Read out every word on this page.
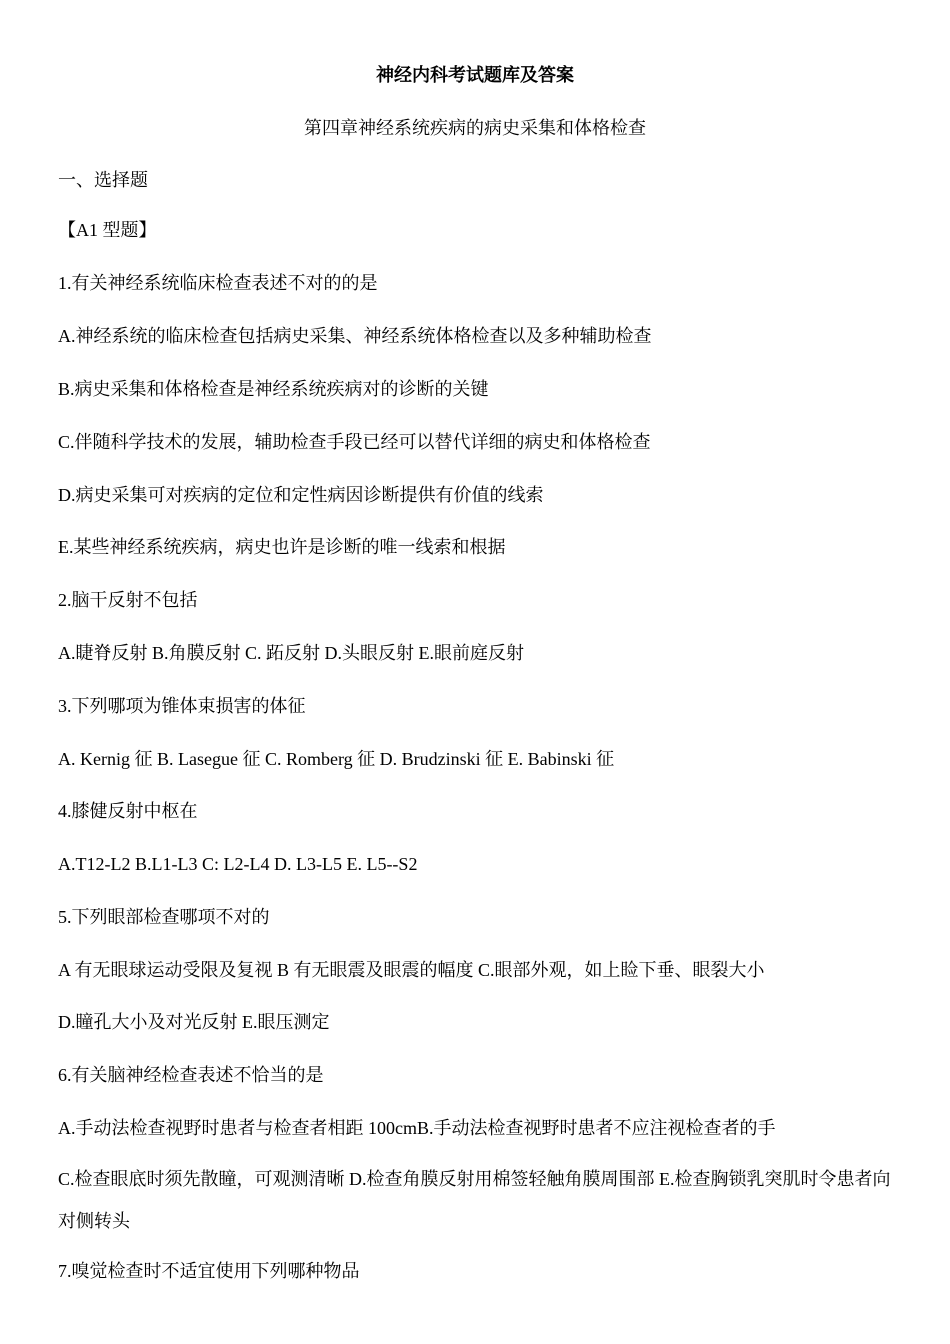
神经内科考试题库及答案
第四章神经系统疾病的病史采集和体格检查
一、选择题
【A1 型题】
1.有关神经系统临床检查表述不对的的是
A.神经系统的临床检查包括病史采集、神经系统体格检查以及多种辅助检查
B.病史采集和体格检查是神经系统疾病对的诊断的关键
C.伴随科学技术的发展，辅助检查手段已经可以替代详细的病史和体格检查
D.病史采集可对疾病的定位和定性病因诊断提供有价值的线索
E.某些神经系统疾病，病史也许是诊断的唯一线索和根据
2.脑干反射不包括
A.睫脊反射 B.角膜反射 C. 跖反射 D.头眼反射 E.眼前庭反射
3.下列哪项为锥体束损害的体征
A. Kernig 征 B. Lasegue 征 C. Romberg 征 D. Brudzinski 征 E. Babinski 征
4.膝健反射中枢在
A.T12-L2 B.L1-L3 C: L2-L4 D. L3-L5 E. L5--S2
5.下列眼部检查哪项不对的
A 有无眼球运动受限及复视 B 有无眼震及眼震的幅度 C.眼部外观，如上睑下垂、眼裂大小
D.瞳孔大小及对光反射 E.眼压测定
6.有关脑神经检查表述不恰当的是
A.手动法检查视野时患者与检查者相距 100cmB.手动法检查视野时患者不应注视检查者的手
C.检查眼底时须先散瞳，可观测清晰 D.检查角膜反射用棉签轻触角膜周围部 E.检查胸锁乳突肌时令患者向对侧转头
7.嗅觉检查时不适宜使用下列哪种物品
